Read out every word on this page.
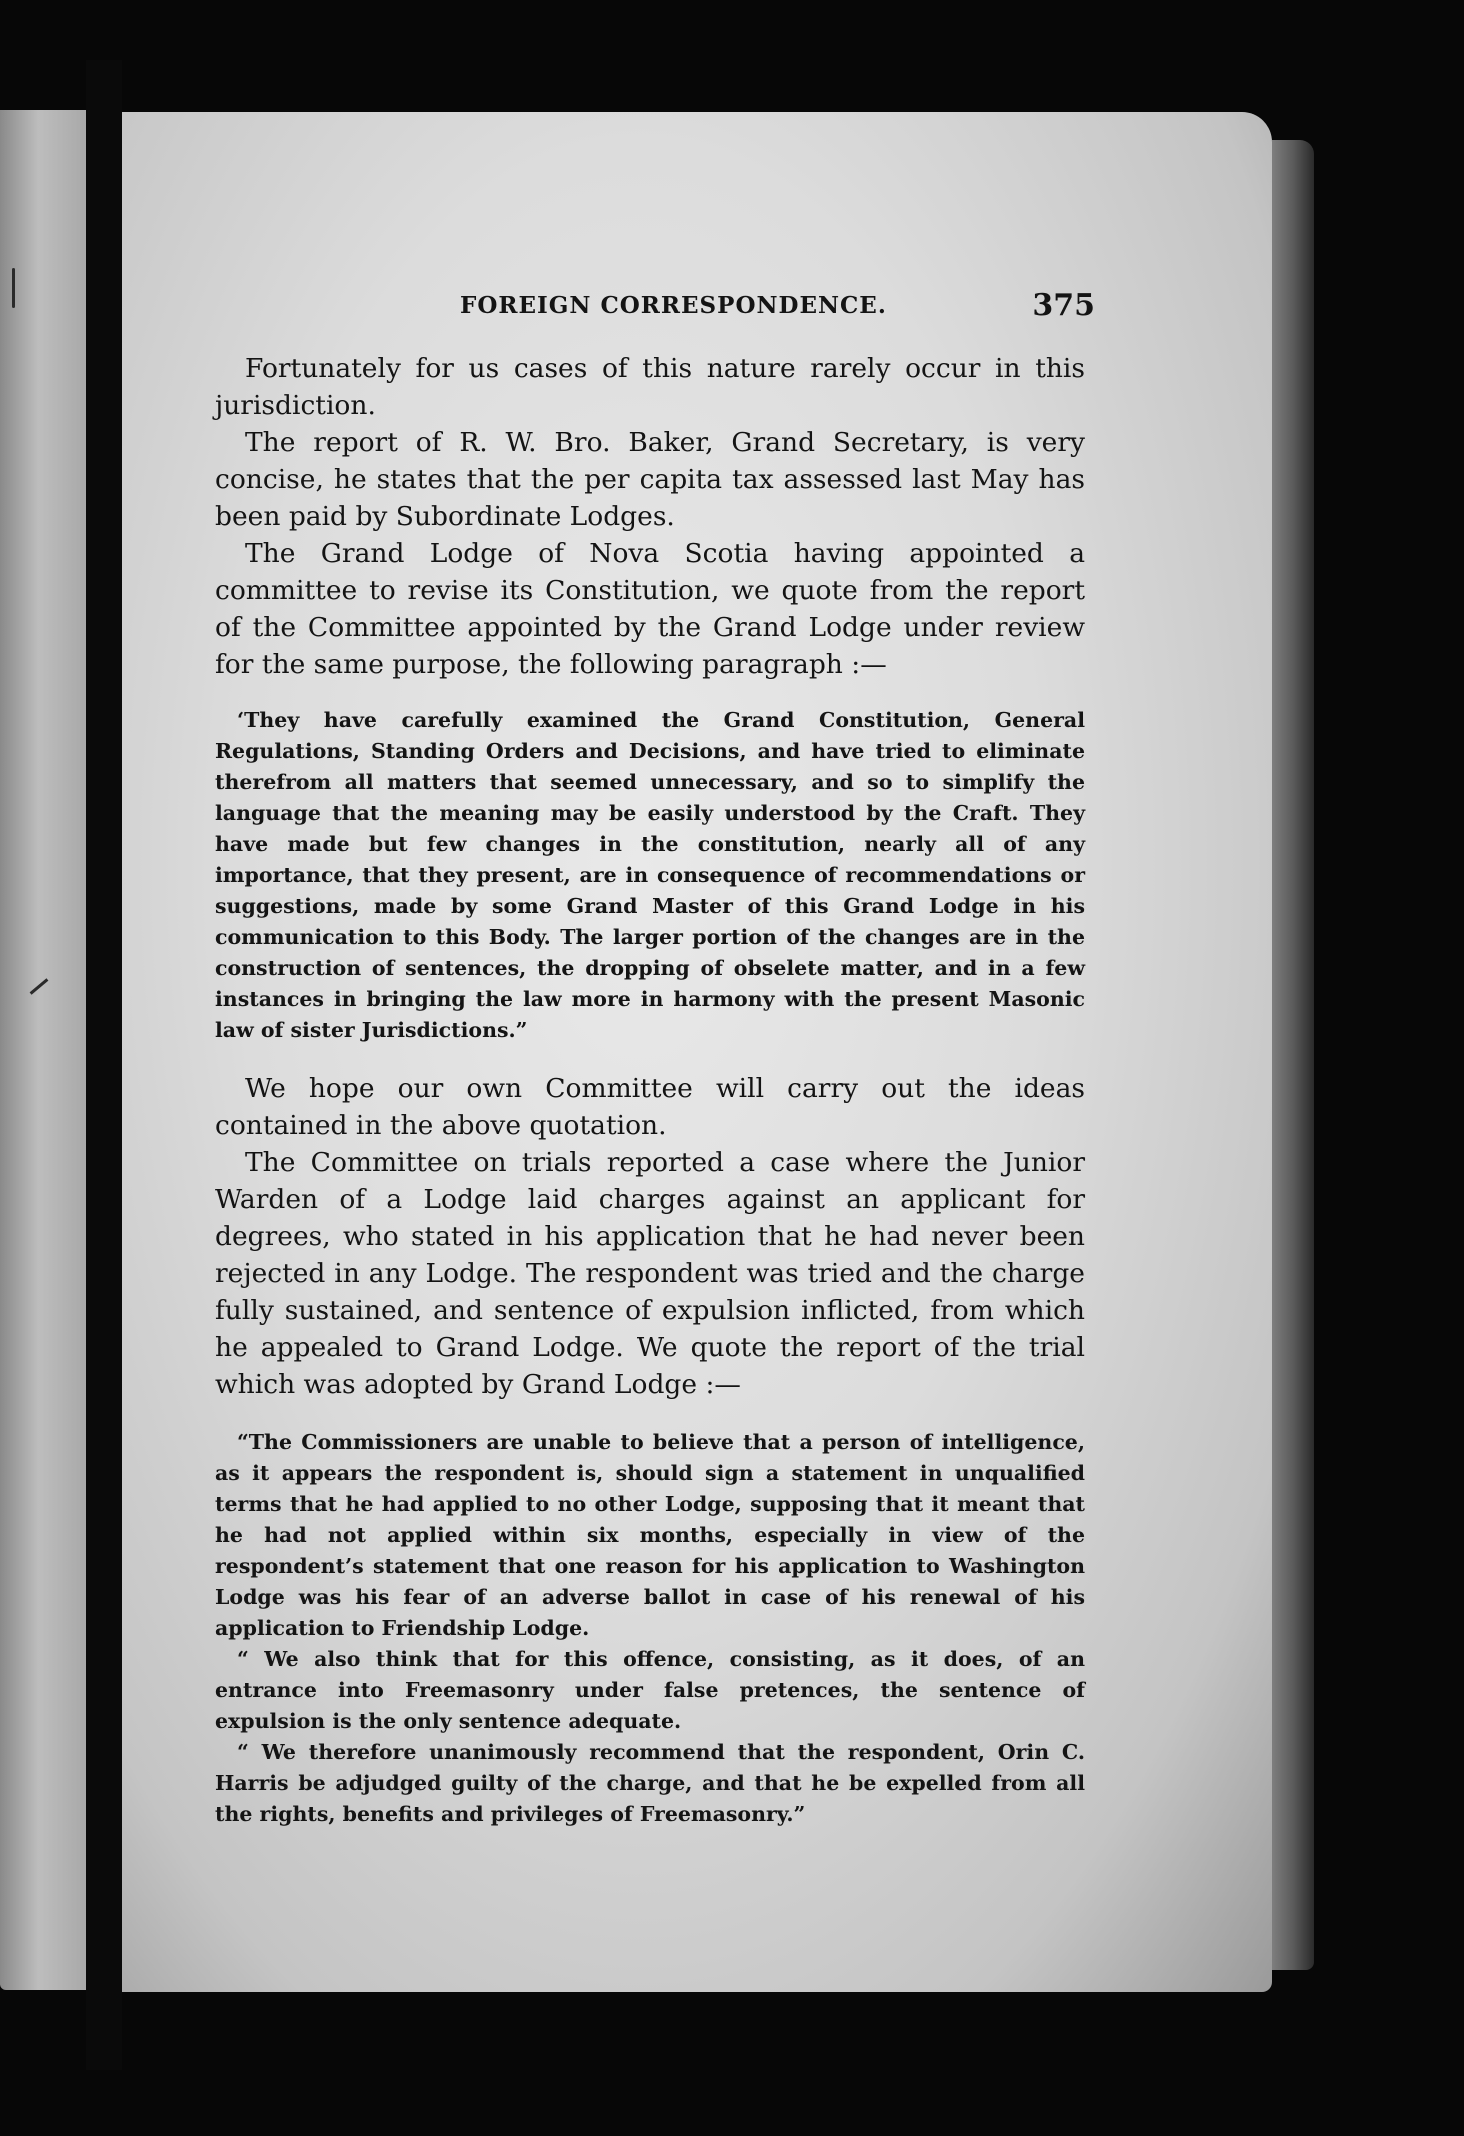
FOREIGN CORRESPONDENCE.	375

Fortunately for us cases of this nature rarely occur in this jurisdiction.

The report of R. W. Bro. Baker, Grand Secretary, is very concise, he states that the per capita tax assessed last May has been paid by Subordinate Lodges.

The Grand Lodge of Nova Scotia having appointed a committee to revise its Constitution, we quote from the report of the Committee appointed by the Grand Lodge under review for the same purpose, the following paragraph :—

‘They have carefully examined the Grand Constitution, General Regulations, Standing Orders and Decisions, and have tried to eliminate therefrom all matters that seemed unnecessary, and so to simplify the language that the meaning may be easily understood by the Craft. They have made but few changes in the constitution, nearly all of any importance, that they present, are in consequence of recommendations or suggestions, made by some Grand Master of this Grand Lodge in his communication to this Body. The larger portion of the changes are in the construction of sentences, the dropping of obselete matter, and in a few instances in bringing the law more in harmony with the present Masonic law of sister Jurisdictions.”

We hope our own Committee will carry out the ideas contained in the above quotation.

The Committee on trials reported a case where the Junior Warden of a Lodge laid charges against an applicant for degrees, who stated in his application that he had never been rejected in any Lodge. The respondent was tried and the charge fully sustained, and sentence of expulsion inflicted, from which he appealed to Grand Lodge. We quote the report of the trial which was adopted by Grand Lodge :—

“The Commissioners are unable to believe that a person of intelligence, as it appears the respondent is, should sign a statement in unqualified terms that he had applied to no other Lodge, supposing that it meant that he had not applied within six months, especially in view of the respondent’s statement that one reason for his application to Washington Lodge was his fear of an adverse ballot in case of his renewal of his application to Friendship Lodge.

“ We also think that for this offence, consisting, as it does, of an entrance into Freemasonry under false pretences, the sentence of expulsion is the only sentence adequate.

“ We therefore unanimously recommend that the respondent, Orin C. Harris be adjudged guilty of the charge, and that he be expelled from all the rights, benefits and privileges of Freemasonry.”
